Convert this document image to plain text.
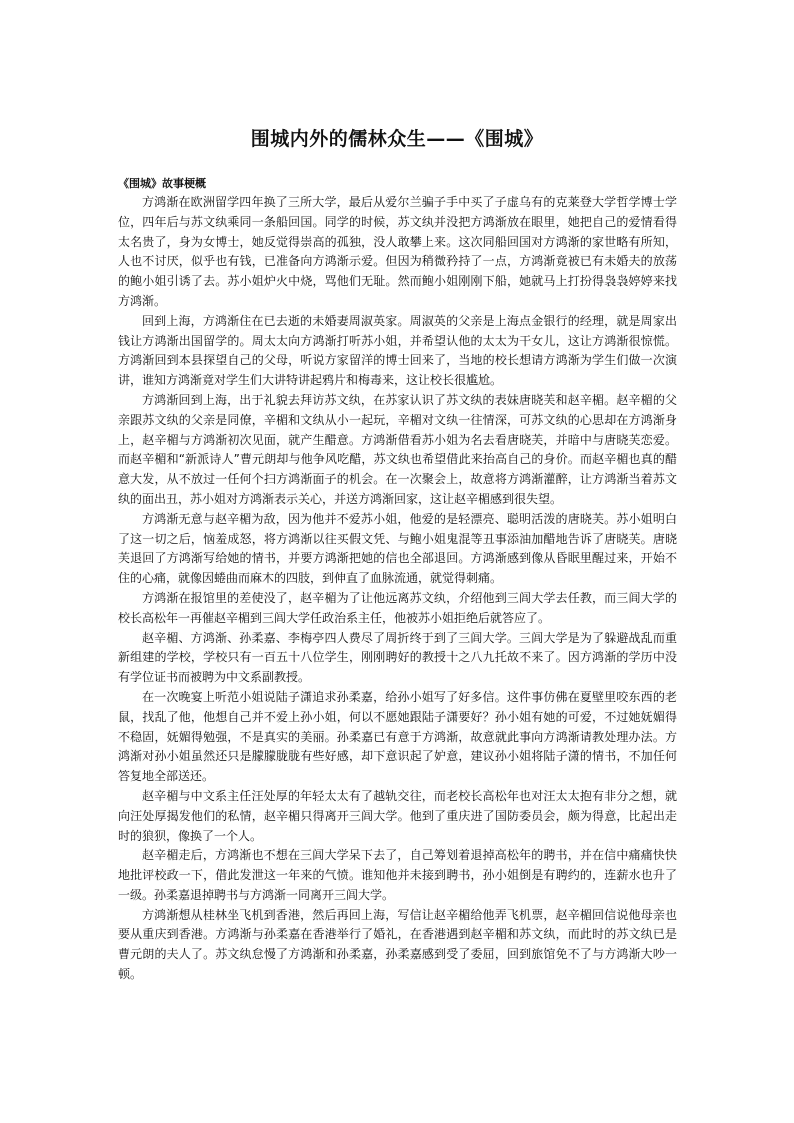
围城内外的儒林众生——《围城》
《围城》故事梗概

方鸿渐在欧洲留学四年换了三所大学，最后从爱尔兰骗子手中买了子虚乌有的克莱登大学哲学博士学位，四年后与苏文纨乘同一条船回国。同学的时候，苏文纨并没把方鸿渐放在眼里，她把自己的爱情看得太名贵了，身为女博士，她反觉得崇高的孤独，没人敢攀上来。这次同船回国对方鸿渐的家世略有所知，人也不讨厌，似乎也有钱，已准备向方鸿渐示爱。但因为稍微矜持了一点，方鸿渐竟被已有未婚夫的放荡的鲍小姐引诱了去。苏小姐炉火中烧，骂他们无耻。然而鲍小姐刚刚下船，她就马上打扮得袅袅婷婷来找方鸿渐。

回到上海，方鸿渐住在已去逝的未婚妻周淑英家。周淑英的父亲是上海点金银行的经理，就是周家出钱让方鸿渐出国留学的。周太太向方鸿渐打听苏小姐，并希望认他的太太为干女儿，这让方鸿渐很惊慌。方鸿渐回到本县探望自己的父母，听说方家留洋的博士回来了，当地的校长想请方鸿渐为学生们做一次演讲，谁知方鸿渐竟对学生们大讲特讲起鸦片和梅毒来，这让校长很尴尬。

方鸿渐回到上海，出于礼貌去拜访苏文纨，在苏家认识了苏文纨的表妹唐晓芙和赵辛楣。赵辛楣的父亲跟苏文纨的父亲是同僚，辛楣和文纨从小一起玩，辛楣对文纨一往情深，可苏文纨的心思却在方鸿渐身上，赵辛楣与方鸿渐初次见面，就产生醋意。方鸿渐借看苏小姐为名去看唐晓芙，并暗中与唐晓芙恋爱。而赵辛楣和“新派诗人”曹元朗却与他争风吃醋，苏文纨也希望借此来抬高自己的身价。而赵辛楣也真的醋意大发，从不放过一任何个扫方鸿渐面子的机会。在一次聚会上，故意将方鸿渐灌醉，让方鸿渐当着苏文纨的面出丑，苏小姐对方鸿渐表示关心，并送方鸿渐回家，这让赵辛楣感到很失望。

方鸿渐无意与赵辛楣为敌，因为他并不爱苏小姐，他爱的是轻漂亮、聪明活泼的唐晓芙。苏小姐明白了这一切之后，恼羞成怒，将方鸿渐以往买假文凭、与鲍小姐鬼混等丑事添油加醋地告诉了唐晓芙。唐晓芙退回了方鸿渐写给她的情书，并要方鸿渐把她的信也全部退回。方鸿渐感到像从昏眠里醒过来，开始不住的心痛，就像因蜷曲而麻木的四肢，到伸直了血脉流通，就觉得刺痛。

方鸿渐在报馆里的差使没了，赵辛楣为了让他远离苏文纨，介绍他到三闾大学去任教，而三闾大学的校长高松年一再催赵辛楣到三闾大学任政治系主任，他被苏小姐拒绝后就答应了。

赵辛楣、方鸿渐、孙柔嘉、李梅亭四人费尽了周折终于到了三闾大学。三闾大学是为了躲避战乱而重新组建的学校，学校只有一百五十八位学生，刚刚聘好的教授十之八九托故不来了。因方鸿渐的学历中没有学位证书而被聘为中文系副教授。

在一次晚宴上听范小姐说陆子潇追求孙柔嘉，给孙小姐写了好多信。这件事仿佛在夏壁里咬东西的老鼠，找乱了他，他想自己并不爱上孙小姐，何以不愿她跟陆子潇要好？孙小姐有她的可爱，不过她妩媚得不稳固，妩媚得勉强，不是真实的美丽。孙柔嘉已有意于方鸿渐，故意就此事向方鸿渐请教处理办法。方鸿渐对孙小姐虽然还只是朦朦胧胧有些好感，却下意识起了妒意，建议孙小姐将陆子潇的情书，不加任何答复地全部送还。

赵辛楣与中文系主任汪处厚的年轻太太有了越轨交往，而老校长高松年也对汪太太抱有非分之想，就向汪处厚揭发他们的私情，赵辛楣只得离开三闾大学。他到了重庆进了国防委员会，颇为得意，比起出走时的狼狈，像换了一个人。

赵辛楣走后，方鸿渐也不想在三闾大学呆下去了，自己筹划着退掉高松年的聘书，并在信中痛痛快快地批评校政一下，借此发泄这一年来的气愤。谁知他并未接到聘书，孙小姐倒是有聘约的，连薪水也升了一级。孙柔嘉退掉聘书与方鸿渐一同离开三闾大学。

方鸿渐想从桂林坐飞机到香港，然后再回上海，写信让赵辛楣给他弄飞机票，赵辛楣回信说他母亲也要从重庆到香港。方鸿渐与孙柔嘉在香港举行了婚礼，在香港遇到赵辛楣和苏文纨，而此时的苏文纨已是曹元朗的夫人了。苏文纨怠慢了方鸿渐和孙柔嘉，孙柔嘉感到受了委屈，回到旅馆免不了与方鸿渐大吵一顿。
